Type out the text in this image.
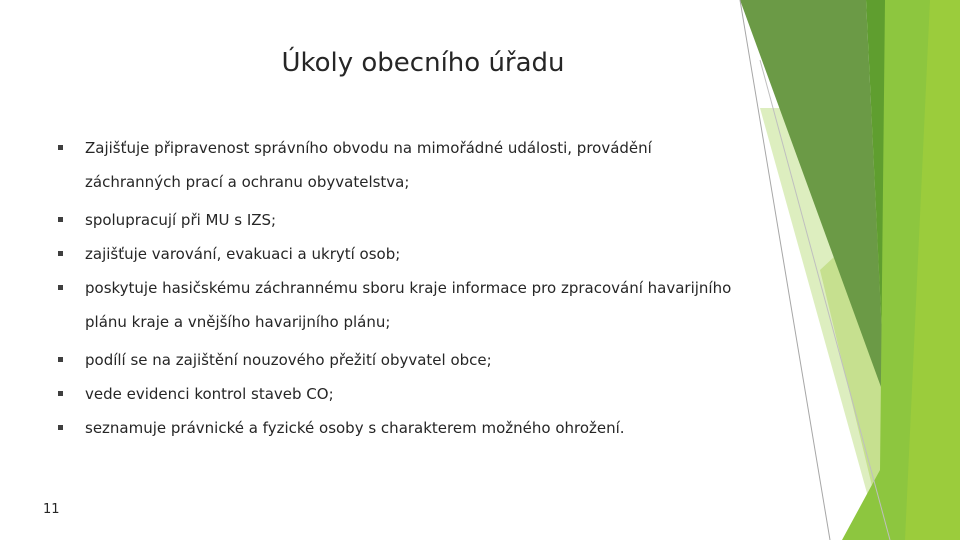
Úkoly obecního úřadu
Zajišťuje připravenost správního obvodu na mimořádné události, provádění záchranných prací a ochranu obyvatelstva;
spolupracují při MU s IZS;
zajišťuje varování, evakuaci a ukrytí osob;
poskytuje hasičskému záchrannému sboru kraje informace pro zpracování havarijního plánu kraje a vnějšího havarijního plánu;
podílí se na zajištění nouzového přežití obyvatel obce;
vede evidenci kontrol staveb CO;
seznamuje právnické a fyzické osoby s charakterem možného ohrožení.
11
